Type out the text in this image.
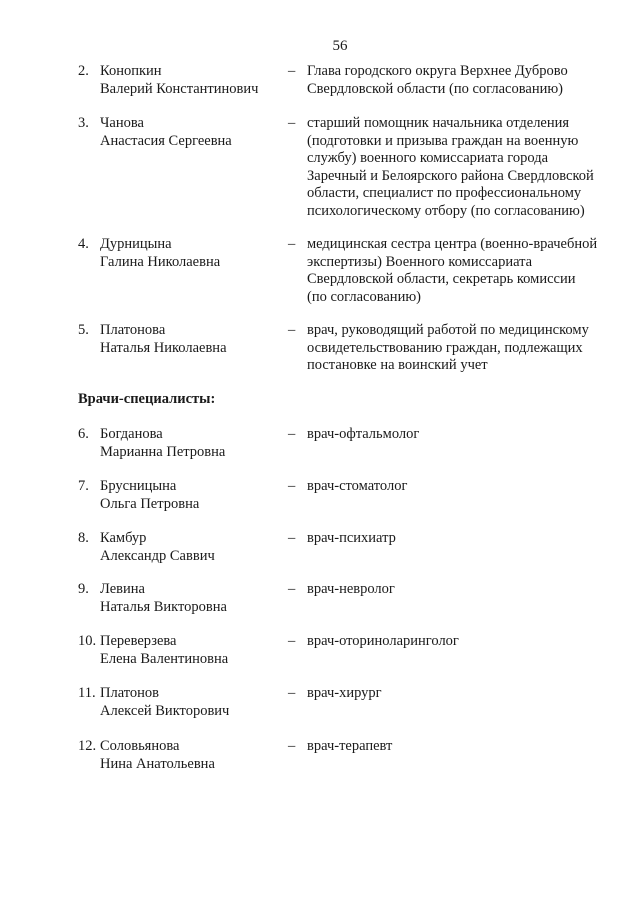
56
2. Конопкин
Валерий Константинович
– Глава городского округа Верхнее Дуброво
Свердловской области (по согласованию)
3. Чанова
Анастасия Сергеевна
– старший помощник начальника отделения
(подготовки и призыва граждан на военную
службу) военного комиссариата города
Заречный и Белоярского района Свердловской
области, специалист по профессиональному
психологическому отбору (по согласованию)
4. Дурницына
Галина Николаевна
– медицинская сестра центра (военно-врачебной
экспертизы) Военного комиссариата
Свердловской области, секретарь комиссии
(по согласованию)
5. Платонова
Наталья Николаевна
– врач, руководящий работой по медицинскому
освидетельствованию граждан, подлежащих
постановке на воинский учет
Врачи-специалисты:
6. Богданова
Марианна Петровна
– врач-офтальмолог
7. Брусницына
Ольга Петровна
– врач-стоматолог
8. Камбур
Александр Саввич
– врач-психиатр
9. Левина
Наталья Викторовна
– врач-невролог
10. Переверзева
Елена Валентиновна
– врач-оториноларинголог
11. Платонов
Алексей Викторович
– врач-хирург
12. Соловьянова
Нина Анатольевна
– врач-терапевт
